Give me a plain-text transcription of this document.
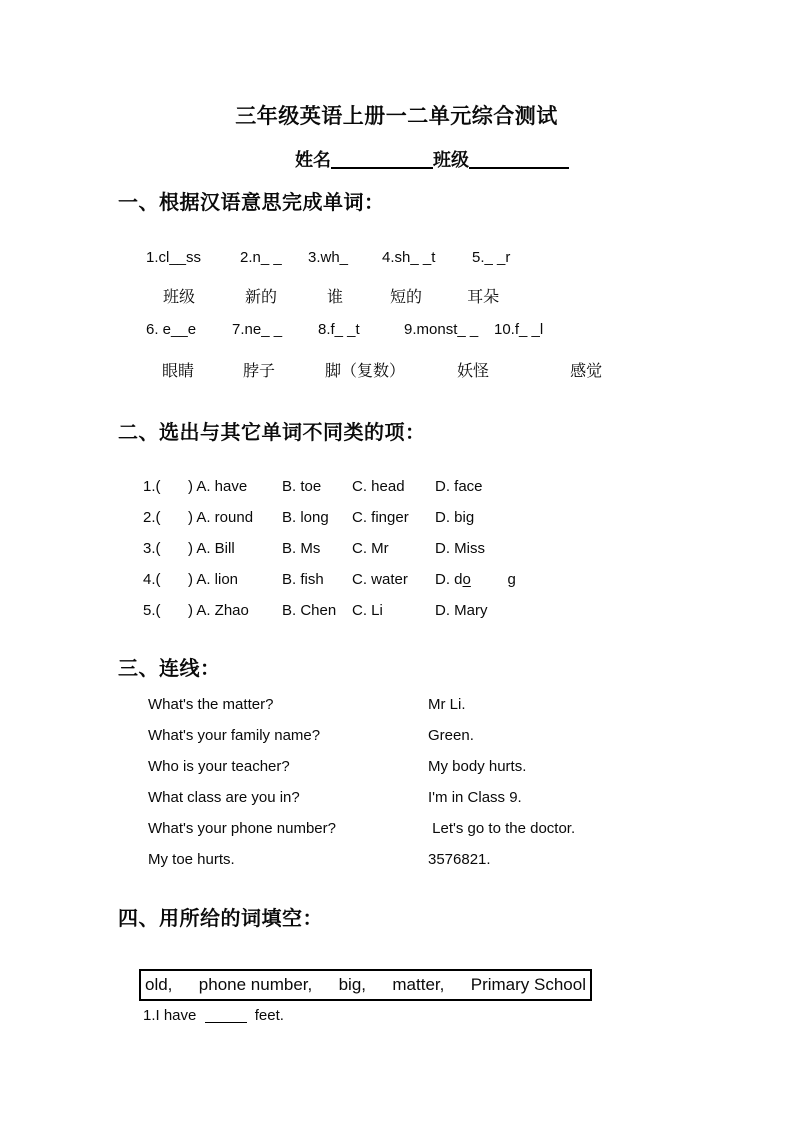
三年级英语上册一二单元综合测试
姓名	班级
一、根据汉语意思完成单词：
1.cl__ss	2.n_ _	3.wh_	4.sh_ _t	5._ _r
班级	新的	谁	短的	耳朵
6. e__e	7.ne_ _	8.f_ _t	9.monst_ _	10.f_ _l
眼睛	脖子	脚（复数）	妖怪	感觉
二、选出与其它单词不同类的项：
1.(	) A. have	B. toe	C. head	D. face
2.(	) A. round	B. long	C. finger	D. big
3.(	) A. Bill	B. Ms	C. Mr	D. Miss
4.(	) A. lion	B. fish	C. water	D. do g
5.(	) A. Zhao	B. Chen	C. Li	D. Mary
三、连线：
What's the matter?	Mr Li.
What's your family name?	Green.
Who is your teacher?	My body hurts.
What class are you in?	I'm in Class 9.
What's your phone number?	Let's go to the doctor.
My toe hurts.	3576821.
四、用所给的词填空：
old, phone number, big, matter, Primary School
1.I have	feet.
